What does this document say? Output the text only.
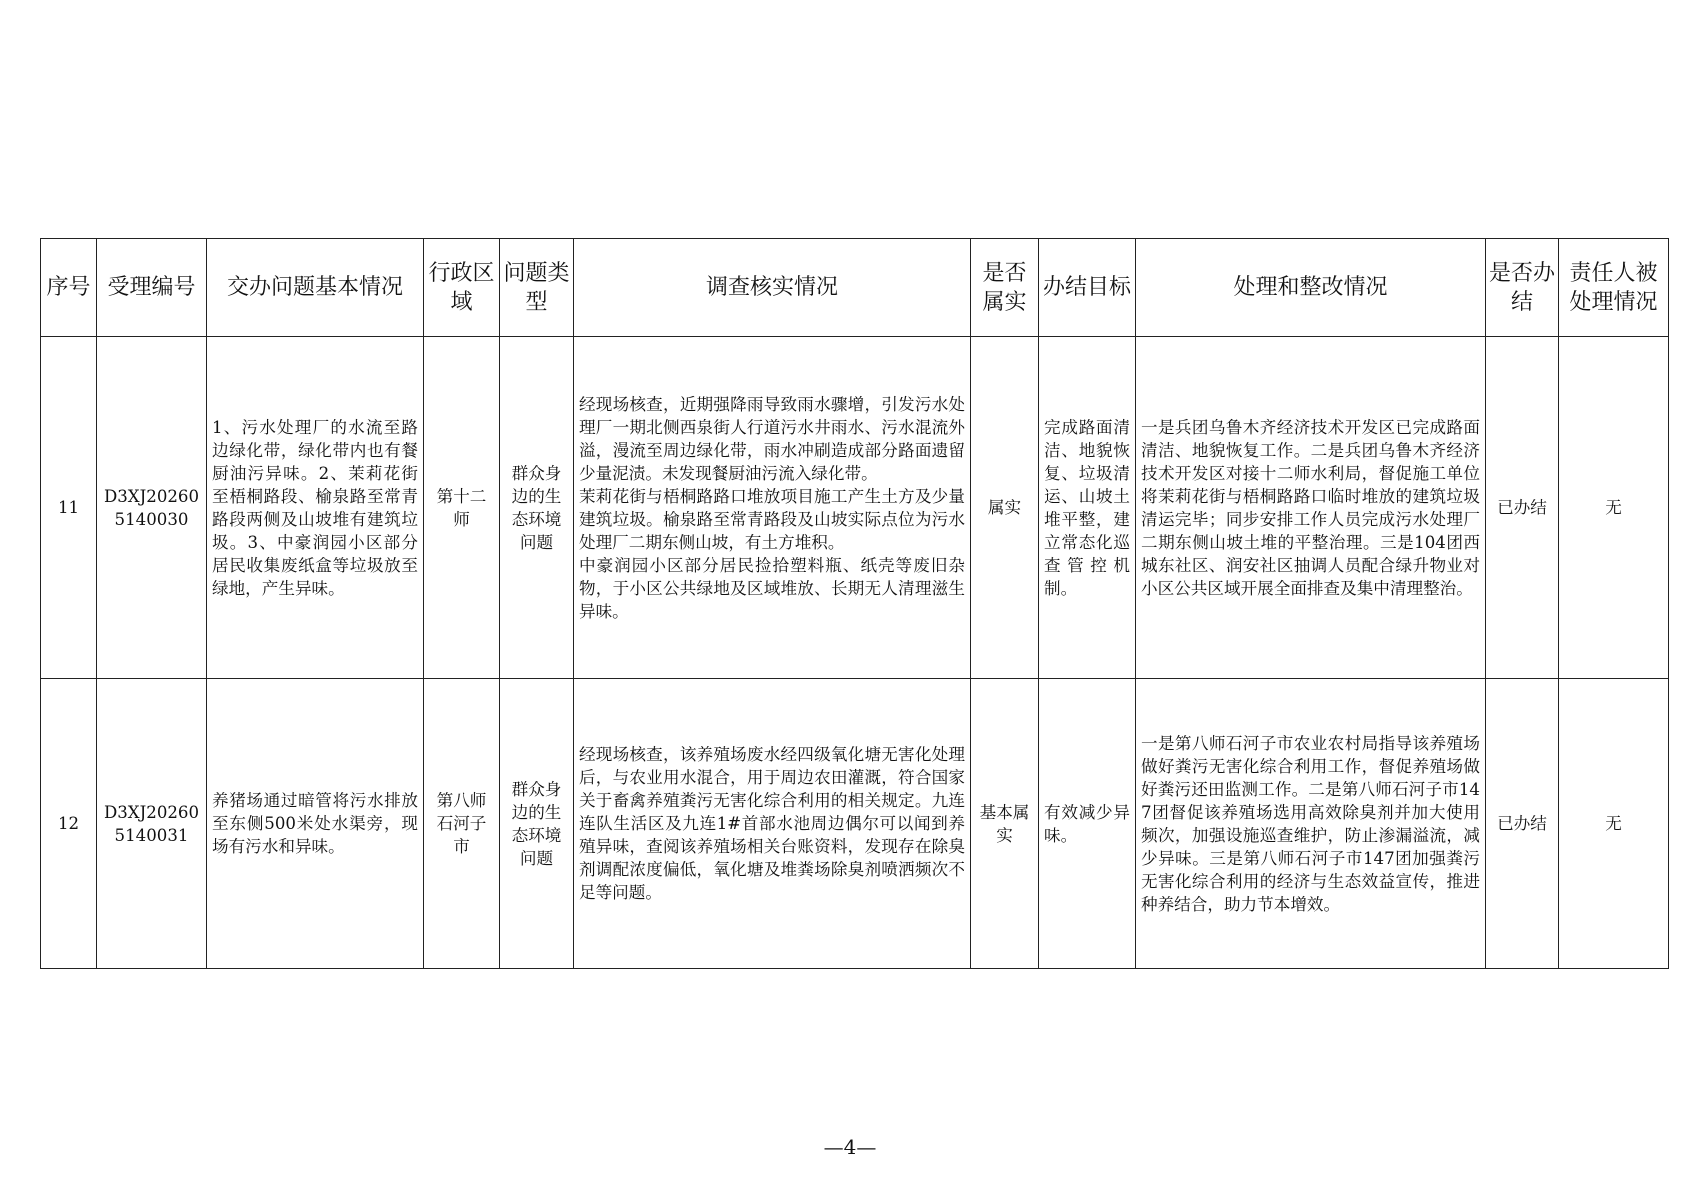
序号	受理编号	交办问题基本情况	行政区域	问题类型	调查核实情况	是否属实	办结目标	处理和整改情况	是否办结	责任人被处理情况
11	D3XJ202605140030	1、污水处理厂的水流至路边绿化带，绿化带内也有餐厨油污异味。2、茉莉花街至梧桐路段、榆泉路至常青路段两侧及山坡堆有建筑垃圾。3、中豪润园小区部分居民收集废纸盒等垃圾放至绿地，产生异味。	第十二师	群众身边的生态环境问题	经现场核查，近期强降雨导致雨水骤增，引发污水处理厂一期北侧西泉街人行道污水井雨水、污水混流外溢，漫流至周边绿化带，雨水冲刷造成部分路面遗留少量泥渍。未发现餐厨油污流入绿化带。
茉莉花街与梧桐路路口堆放项目施工产生土方及少量建筑垃圾。榆泉路至常青路段及山坡实际点位为污水处理厂二期东侧山坡，有土方堆积。
中豪润园小区部分居民捡拾塑料瓶、纸壳等废旧杂物，于小区公共绿地及区域堆放、长期无人清理滋生异味。	属实	完成路面清洁、地貌恢复、垃圾清运、山坡土堆平整，建立常态化巡查管控机制。	一是兵团乌鲁木齐经济技术开发区已完成路面清洁、地貌恢复工作。二是兵团乌鲁木齐经济技术开发区对接十二师水利局，督促施工单位将茉莉花街与梧桐路路口临时堆放的建筑垃圾清运完毕；同步安排工作人员完成污水处理厂二期东侧山坡土堆的平整治理。三是104团西城东社区、润安社区抽调人员配合绿升物业对小区公共区域开展全面排查及集中清理整治。	已办结	无
12	D3XJ202605140031	养猪场通过暗管将污水排放至东侧500米处水渠旁，现场有污水和异味。	第八师石河子市	群众身边的生态环境问题	经现场核查，该养殖场废水经四级氧化塘无害化处理后，与农业用水混合，用于周边农田灌溉，符合国家关于畜禽养殖粪污无害化综合利用的相关规定。九连连队生活区及九连1#首部水池周边偶尔可以闻到养殖异味，查阅该养殖场相关台账资料，发现存在除臭剂调配浓度偏低，氧化塘及堆粪场除臭剂喷洒频次不足等问题。	基本属实	有效减少异味。	一是第八师石河子市农业农村局指导该养殖场做好粪污无害化综合利用工作，督促养殖场做好粪污还田监测工作。二是第八师石河子市147团督促该养殖场选用高效除臭剂并加大使用频次，加强设施巡查维护，防止渗漏溢流，减少异味。三是第八师石河子市147团加强粪污无害化综合利用的经济与生态效益宣传，推进种养结合，助力节本增效。	已办结	无
—4—
